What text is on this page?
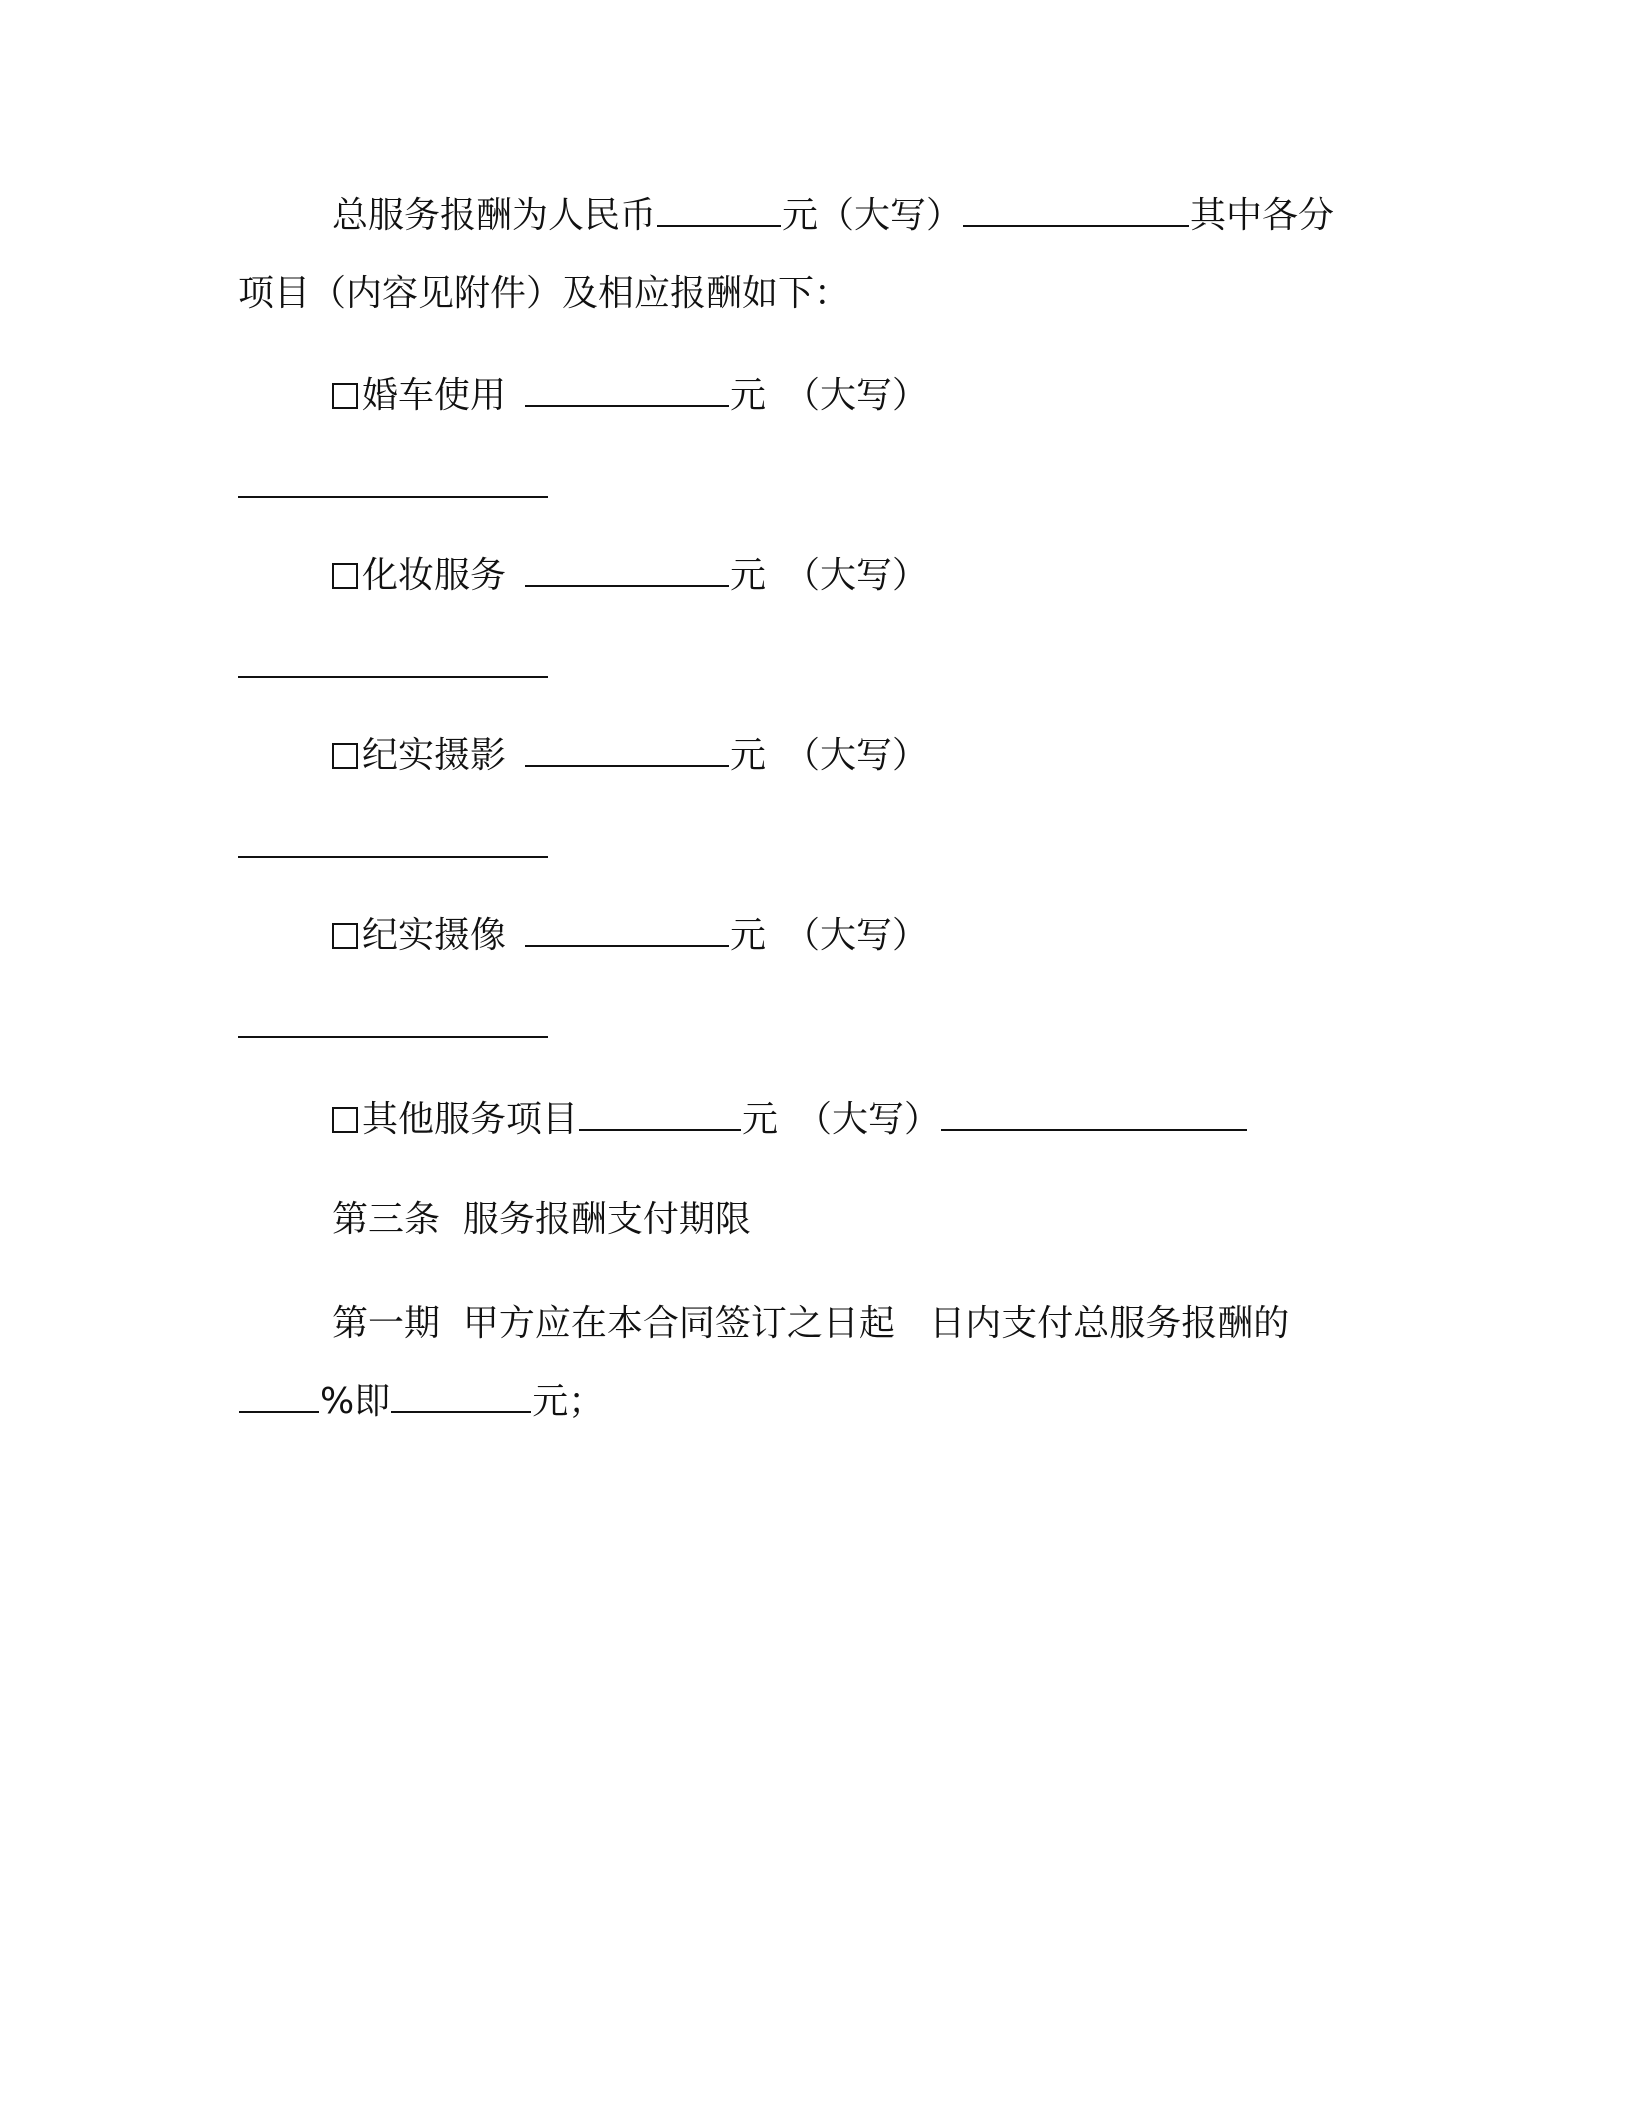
总服务报酬为人民币	元（大写）	其中各分
项目（内容见附件）及相应报酬如下：
婚车使用	元 （大写）
化妆服务	元 （大写）
纪实摄影	元 （大写）
纪实摄像	元 （大写）
其他服务项目	元 （大写）
第三条  服务报酬支付期限
第一期  甲方应在本合同签订之日起   日内支付总服务报酬的
%即	元；
